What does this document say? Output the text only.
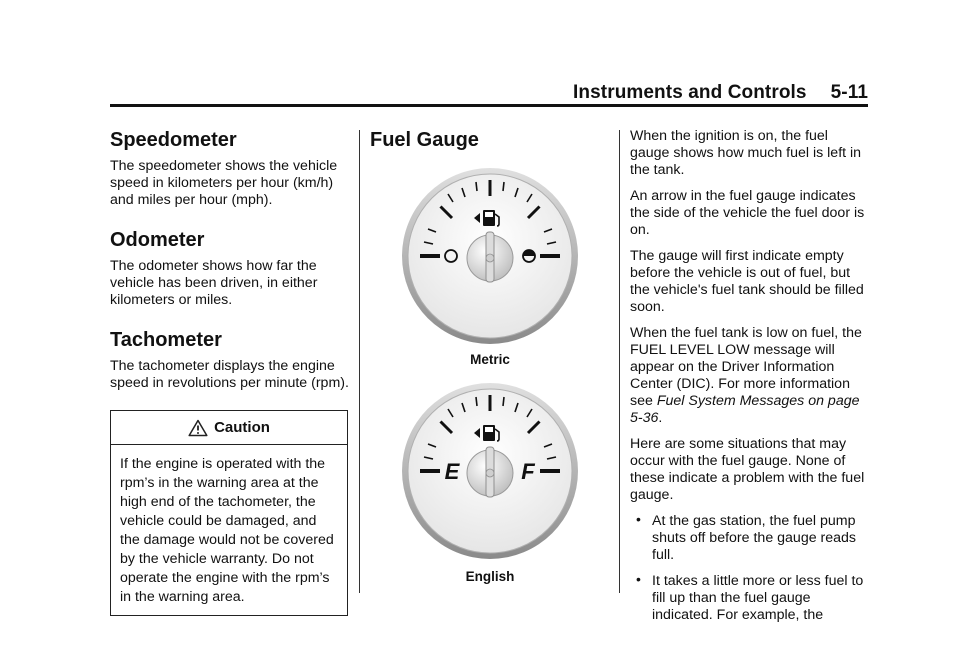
Instruments and Controls 5-11
Speedometer

The speedometer shows the vehicle speed in kilometers per hour (km/h) and miles per hour (mph).

Odometer

The odometer shows how far the vehicle has been driven, in either kilometers or miles.

Tachometer

The tachometer displays the engine speed in revolutions per minute (rpm).

Caution
If the engine is operated with the rpm’s in the warning area at the high end of the tachometer, the vehicle could be damaged, and the damage would not be covered by the vehicle warranty. Do not operate the engine with the rpm’s in the warning area.
Fuel Gauge
Metric
E	F
English

When the ignition is on, the fuel gauge shows how much fuel is left in the tank.

An arrow in the fuel gauge indicates the side of the vehicle the fuel door is on.

The gauge will first indicate empty before the vehicle is out of fuel, but the vehicle's fuel tank should be filled soon.

When the fuel tank is low on fuel, the FUEL LEVEL LOW message will appear on the Driver Information Center (DIC). For more information see Fuel System Messages on page 5-36.

Here are some situations that may occur with the fuel gauge. None of these indicate a problem with the fuel gauge.

• At the gas station, the fuel pump shuts off before the gauge reads full.
• It takes a little more or less fuel to fill up than the fuel gauge indicated. For example, the
